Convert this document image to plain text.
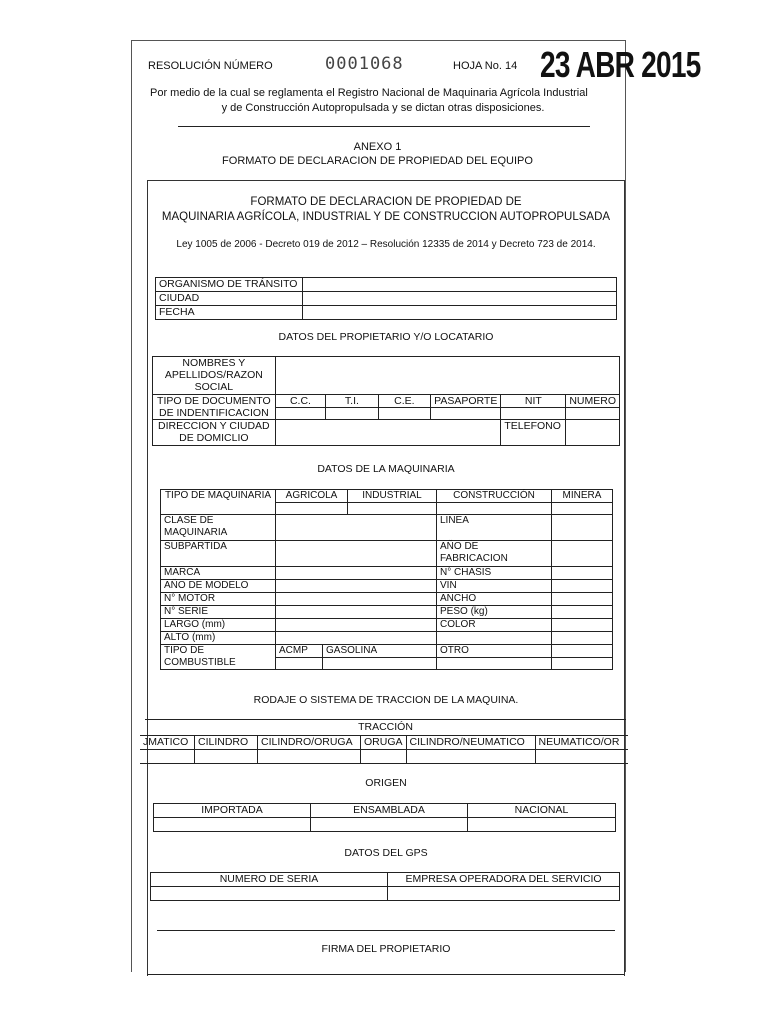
RESOLUCIÓN NÚMERO	0001068	HOJA No. 14 23 ABR 2015
Por medio de la cual se reglamenta el Registro Nacional de Maquinaria Agrícola Industrial
y de Construcción Autopropulsada y se dictan otras disposiciones.
ANEXO 1
FORMATO DE DECLARACION DE PROPIEDAD DEL EQUIPO
FORMATO DE DECLARACION DE PROPIEDAD DE
MAQUINARIA AGRÍCOLA, INDUSTRIAL Y DE CONSTRUCCION AUTOPROPULSADA
Ley 1005 de 2006 - Decreto 019 de 2012 – Resolución 12335 de 2014 y Decreto 723 de 2014.
ORGANISMO DE TRÁNSITO	
CIUDAD	
FECHA	
DATOS DEL PROPIETARIO Y/O LOCATARIO
NOMBRES Y APELLIDOS/RAZON SOCIAL						
TIPO DE DOCUMENTO DE INDENTIFICACION	C.C.	T.I.	C.E.	PASAPORTE	NIT	NUMERO

DIRECCION Y CIUDAD DE DOMICLIO					TELEFONO	
DATOS DE LA MAQUINARIA
TIPO DE MAQUINARIA	AGRICOLA		INDUSTRIAL	CONSTRUCCIÓN	MINERA

CLASE DE MAQUINARIA				LINEA	
SUBPARTIDA				AÑO DE FABRICACION	
MARCA				N° CHASIS	
AÑO DE MODELO				VIN	
N° MOTOR				ANCHO	
N° SERIE				PESO (kg)	
LARGO (mm)				COLOR	
ALTO (mm)					
TIPO DE COMBUSTIBLE	ACMP	GASOLINA		OTRO	

RODAJE O SISTEMA DE TRACCION DE LA MAQUINA.
TRACCIÓN
JMATICO	CILINDRO	CILINDRO/ORUGA	ORUGA	CILINDRO/NEUMATICO	NEUMATICO/OR

ORIGEN
IMPORTADA	ENSAMBLADA	NACIONAL

DATOS DEL GPS
NUMERO DE SERIA	EMPRESA OPERADORA DEL SERVICIO

FIRMA DEL PROPIETARIO
